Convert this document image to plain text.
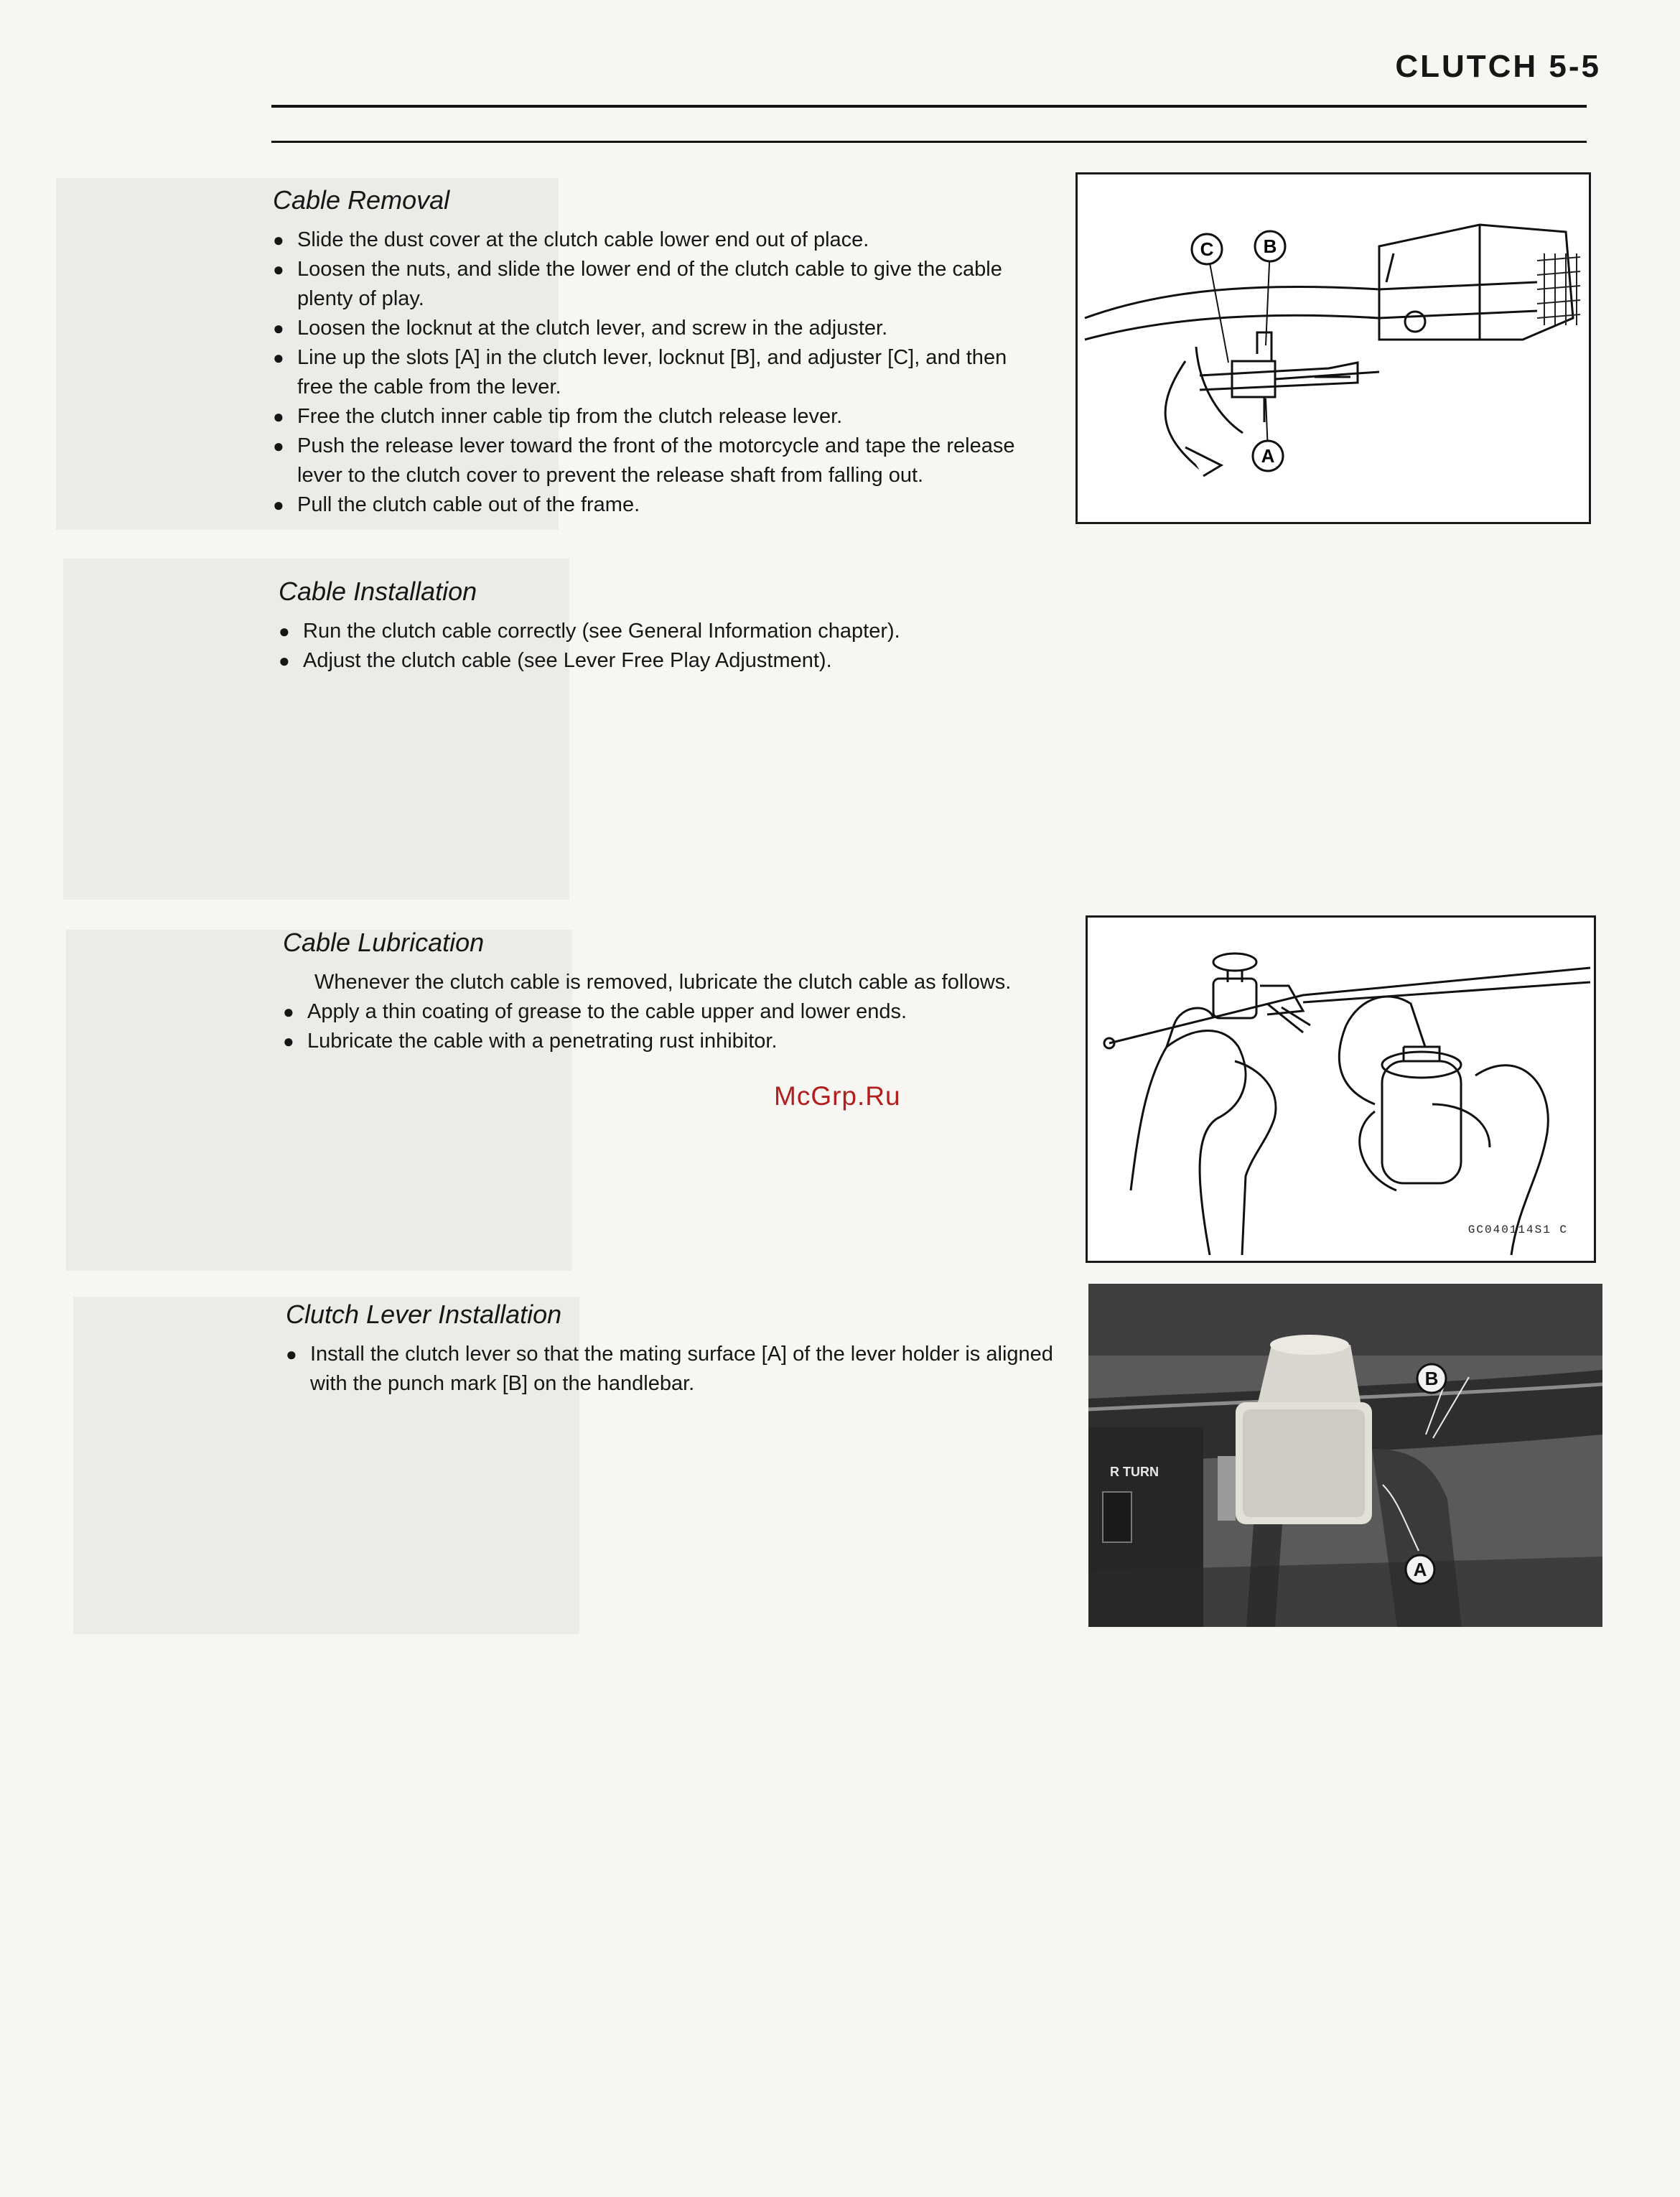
CLUTCH 5-5
Cable Removal
● Slide the dust cover at the clutch cable lower end out of place.
● Loosen the nuts, and slide the lower end of the clutch cable to give the cable plenty of play.
● Loosen the locknut at the clutch lever, and screw in the adjuster.
● Line up the slots [A] in the clutch lever, locknut [B], and adjuster [C], and then free the cable from the lever.
● Free the clutch inner cable tip from the clutch release lever.
● Push the release lever toward the front of the motorcycle and tape the release lever to the clutch cover to prevent the release shaft from falling out.
● Pull the clutch cable out of the frame.
C	B
A
Cable Installation
● Run the clutch cable correctly (see General Information chapter).
● Adjust the clutch cable (see Lever Free Play Adjustment).
Cable Lubrication

Whenever the clutch cable is removed, lubricate the clutch cable as follows.

● Apply a thin coating of grease to the cable upper and lower ends.
● Lubricate the cable with a penetrating rust inhibitor.
McGrp.Ru
GC040114S1 C
Clutch Lever Installation
● Install the clutch lever so that the mating surface [A] of the lever holder is aligned with the punch mark [B] on the handlebar.
R TURN
B
A
